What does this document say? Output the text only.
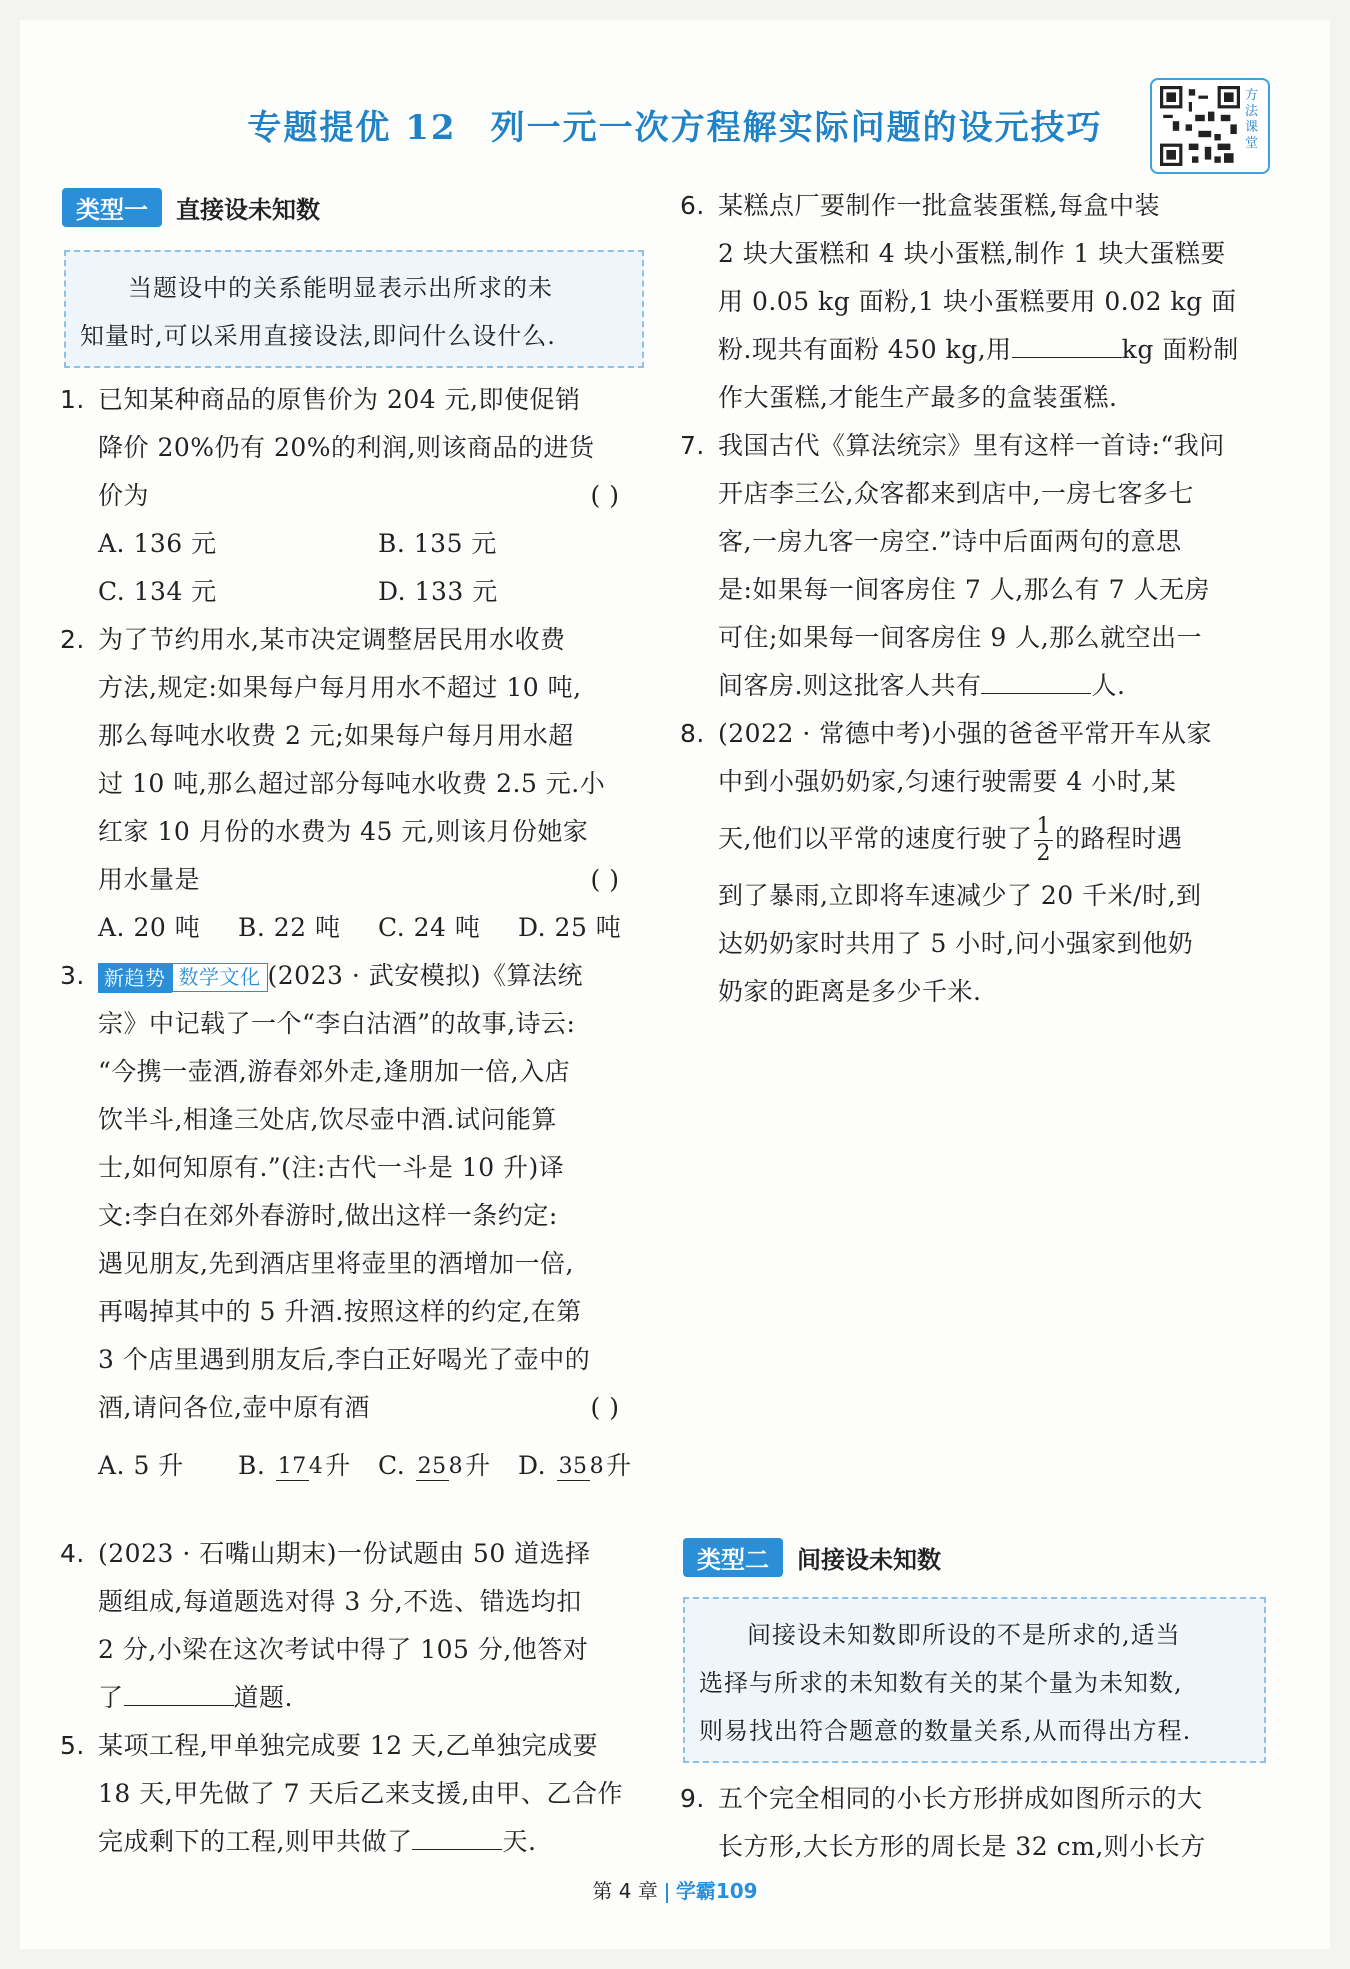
专题提优 12 列一元一次方程解实际问题的设元技巧
方法课堂
类型一 直接设未知数
当题设中的关系能明显表示出所求的未
知量时,可以采用直接设法,即问什么设什么.
1. 已知某种商品的原售价为 204 元,即使促销
降价 20%仍有 20%的利润,则该商品的进货
价为	( )
A. 136 元	B. 135 元
C. 134 元	D. 133 元
2. 为了节约用水,某市决定调整居民用水收费
方法,规定:如果每户每月用水不超过 10 吨,
那么每吨水收费 2 元;如果每户每月用水超
过 10 吨,那么超过部分每吨水收费 2.5 元.小
红家 10 月份的水费为 45 元,则该月份她家
用水量是	( )
A. 20 吨	B. 22 吨	C. 24 吨	D. 25 吨
3. 新趋势 数学文化 (2023 · 武安模拟)《算法统
宗》中记载了一个“李白沽酒”的故事,诗云:
“今携一壶酒,游春郊外走,逢朋加一倍,入店
饮半斗,相逢三处店,饮尽壶中酒.试问能算
士,如何知原有.”(注:古代一斗是 10 升)译
文:李白在郊外春游时,做出这样一条约定:
遇见朋友,先到酒店里将壶里的酒增加一倍,
再喝掉其中的 5 升酒.按照这样的约定,在第
3 个店里遇到朋友后,李白正好喝光了壶中的
酒,请问各位,壶中原有酒	( )
A. 5 升	B. 174升	C. 258升	D. 358升
4. (2023 · 石嘴山期末)一份试题由 50 道选择
题组成,每道题选对得 3 分,不选、错选均扣
2 分,小梁在这次考试中得了 105 分,他答对
了	道题.
5. 某项工程,甲单独完成要 12 天,乙单独完成要
18 天,甲先做了 7 天后乙来支援,由甲、乙合作
完成剩下的工程,则甲共做了	天.
6. 某糕点厂要制作一批盒装蛋糕,每盒中装
2 块大蛋糕和 4 块小蛋糕,制作 1 块大蛋糕要
用 0.05 kg 面粉,1 块小蛋糕要用 0.02 kg 面
粉.现共有面粉 450 kg,用	kg 面粉制
作大蛋糕,才能生产最多的盒装蛋糕.
7. 我国古代《算法统宗》里有这样一首诗:“我问
开店李三公,众客都来到店中,一房七客多七
客,一房九客一房空.”诗中后面两句的意思
是:如果每一间客房住 7 人,那么有 7 人无房
可住;如果每一间客房住 9 人,那么就空出一
间客房.则这批客人共有	人.
8. (2022 · 常德中考)小强的爸爸平常开车从家
中到小强奶奶家,匀速行驶需要 4 小时,某
天,他们以平常的速度行驶了 $\frac{1}{2}$ 的路程时遇
到了暴雨,立即将车速减少了 20 千米/时,到
达奶奶家时共用了 5 小时,问小强家到他奶
奶家的距离是多少千米.
类型二 间接设未知数
间接设未知数即所设的不是所求的,适当
选择与所求的未知数有关的某个量为未知数,
则易找出符合题意的数量关系,从而得出方程.
9. 五个完全相同的小长方形拼成如图所示的大
长方形,大长方形的周长是 32 cm,则小长方
第 4 章 学霸109
